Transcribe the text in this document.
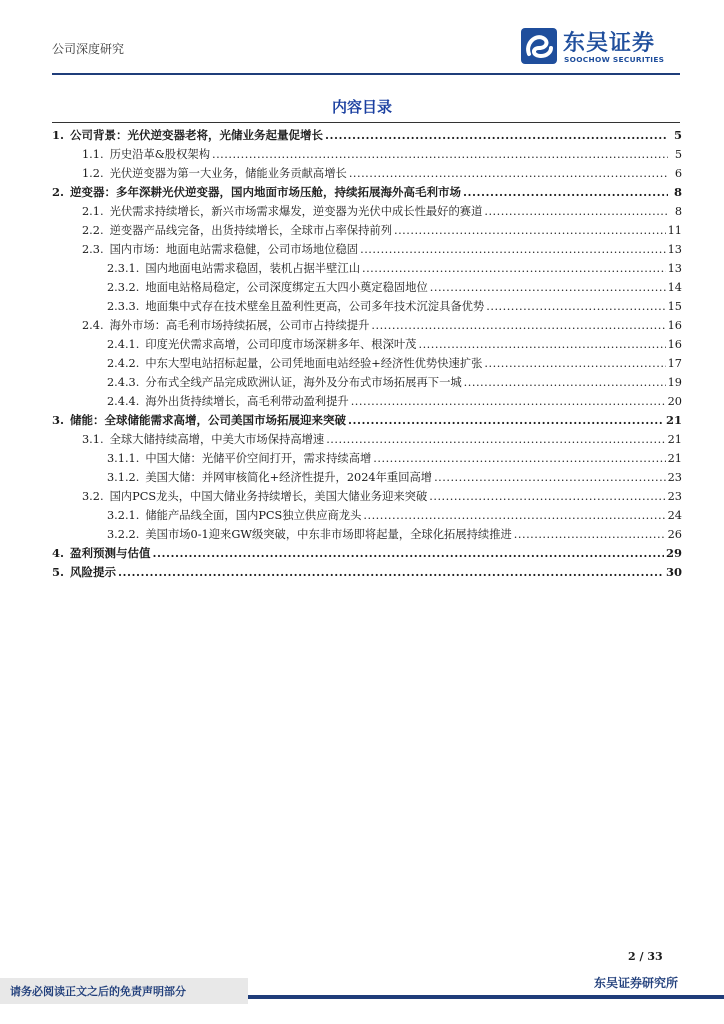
公司深度研究	东吴证券
SOOCHOW SECURITIES
内容目录
1. 公司背景：光伏逆变器老将，光储业务起量促增长 .....	5
1.1. 历史沿革&股权架构 .....	5
1.2. 光伏逆变器为第一大业务，储能业务贡献高增长 .....	6
2. 逆变器：多年深耕光伏逆变器，国内地面市场压舱，持续拓展海外高毛利市场 .....	8
2.1. 光伏需求持续增长，新兴市场需求爆发，逆变器为光伏中成长性最好的赛道 .....	8
2.2. 逆变器产品线完备，出货持续增长，全球市占率保持前列 .....	11
2.3. 国内市场：地面电站需求稳健，公司市场地位稳固 .....	13
2.3.1. 国内地面电站需求稳固，装机占据半壁江山 .....	13
2.3.2. 地面电站格局稳定，公司深度绑定五大四小奠定稳固地位 .....	14
2.3.3. 地面集中式存在技术壁垒且盈利性更高，公司多年技术沉淀具备优势 .....	15
2.4. 海外市场：高毛利市场持续拓展，公司市占持续提升 .....	16
2.4.1. 印度光伏需求高增，公司印度市场深耕多年、根深叶茂 .....	16
2.4.2. 中东大型电站招标起量，公司凭地面电站经验+经济性优势快速扩张 .....	17
2.4.3. 分布式全线产品完成欧洲认证，海外及分布式市场拓展再下一城 .....	19
2.4.4. 海外出货持续增长，高毛利带动盈利提升 .....	20
3. 储能：全球储能需求高增，公司美国市场拓展迎来突破 .....	21
3.1. 全球大储持续高增，中美大市场保持高增速 .....	21
3.1.1. 中国大储：光储平价空间打开，需求持续高增 .....	21
3.1.2. 美国大储：并网审核简化+经济性提升，2024年重回高增 .....	23
3.2. 国内PCS龙头，中国大储业务持续增长，美国大储业务迎来突破 .....	23
3.2.1. 储能产品线全面，国内PCS独立供应商龙头 .....	24
3.2.2. 美国市场0-1迎来GW级突破，中东非市场即将起量，全球化拓展持续推进 .....	26
4. 盈利预测与估值 .....	29
5. 风险提示 .....	30
2 / 33
请务必阅读正文之后的免责声明部分
东吴证券研究所
